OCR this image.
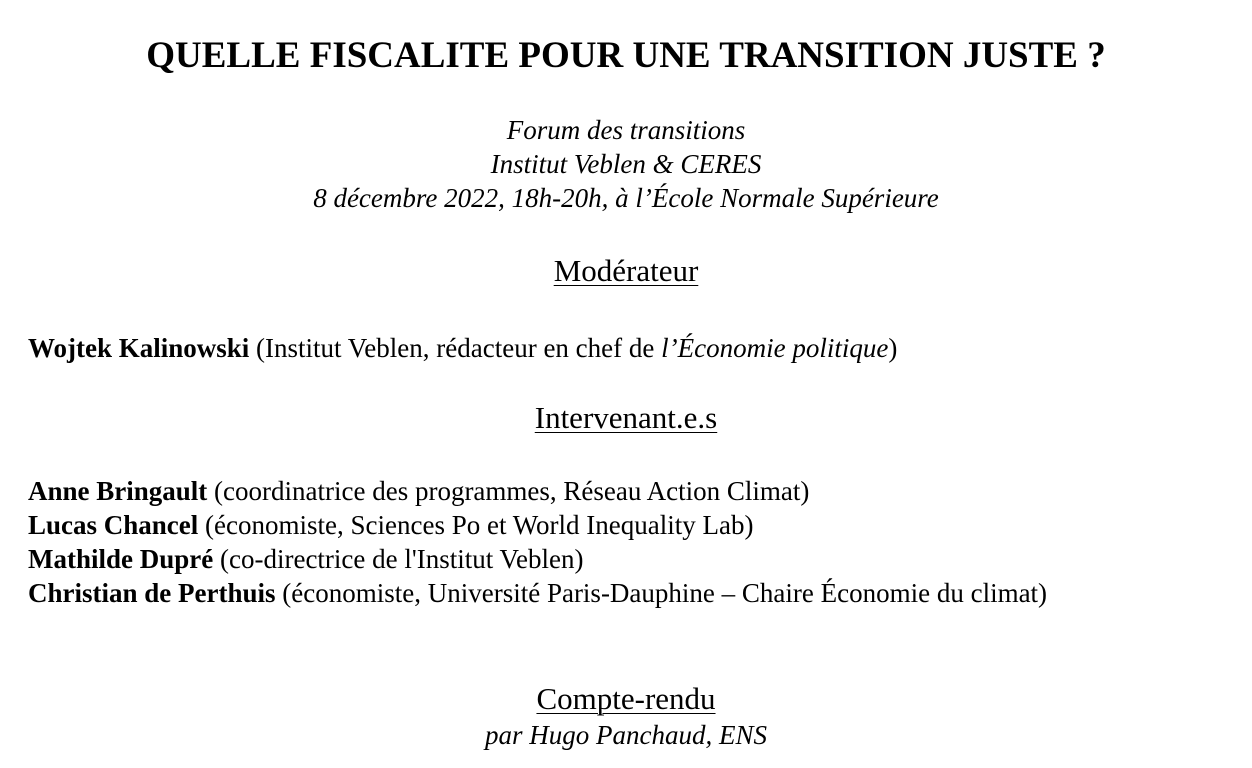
QUELLE FISCALITE POUR UNE TRANSITION JUSTE ?
Forum des transitions
Institut Veblen & CERES
8 décembre 2022, 18h-20h, à l’École Normale Supérieure
Modérateur
Wojtek Kalinowski (Institut Veblen, rédacteur en chef de l’Économie politique)
Intervenant.e.s
Anne Bringault (coordinatrice des programmes, Réseau Action Climat)
Lucas Chancel (économiste, Sciences Po et World Inequality Lab)
Mathilde Dupré (co-directrice de l'Institut Veblen)
Christian de Perthuis (économiste, Université Paris-Dauphine – Chaire Économie du climat)
Compte-rendu
par Hugo Panchaud, ENS
